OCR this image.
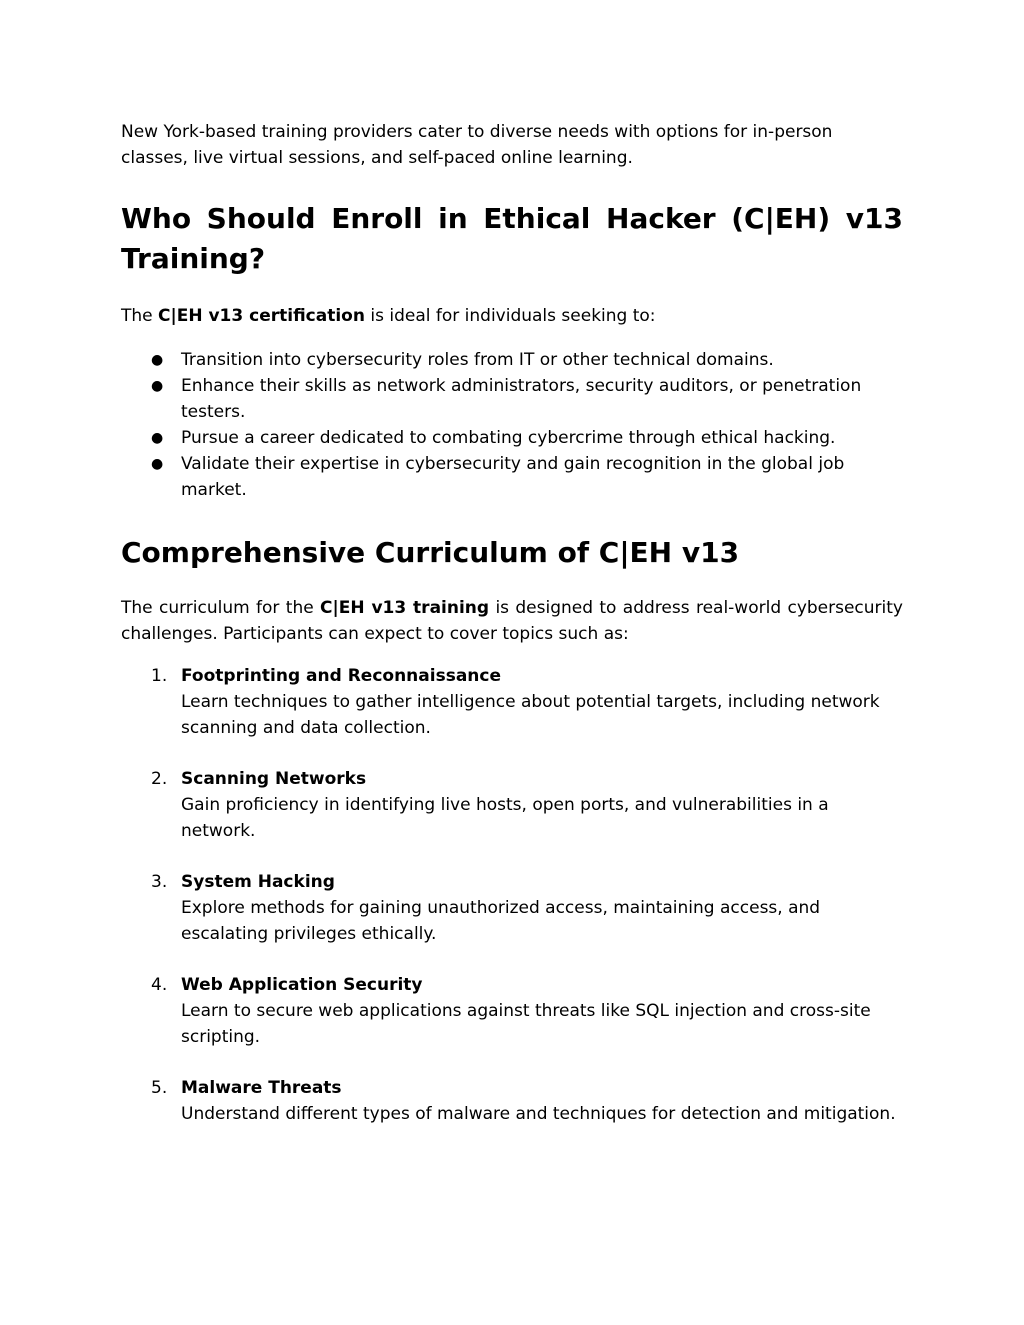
New York-based training providers cater to diverse needs with options for in-person classes, live virtual sessions, and self-paced online learning.

Who Should Enroll in Ethical Hacker (C|EH) v13 Training?

The C|EH v13 certification is ideal for individuals seeking to:

● Transition into cybersecurity roles from IT or other technical domains.
● Enhance their skills as network administrators, security auditors, or penetration testers.
● Pursue a career dedicated to combating cybercrime through ethical hacking.
● Validate their expertise in cybersecurity and gain recognition in the global job market.
Comprehensive Curriculum of C|EH v13

The curriculum for the C|EH v13 training is designed to address real-world cybersecurity challenges. Participants can expect to cover topics such as:

1. Footprinting and Reconnaissance
Learn techniques to gather intelligence about potential targets, including network scanning and data collection.
2. Scanning Networks
Gain proficiency in identifying live hosts, open ports, and vulnerabilities in a network.
3. System Hacking
Explore methods for gaining unauthorized access, maintaining access, and escalating privileges ethically.
4. Web Application Security
Learn to secure web applications against threats like SQL injection and cross-site scripting.
5. Malware Threats
Understand different types of malware and techniques for detection and mitigation.
